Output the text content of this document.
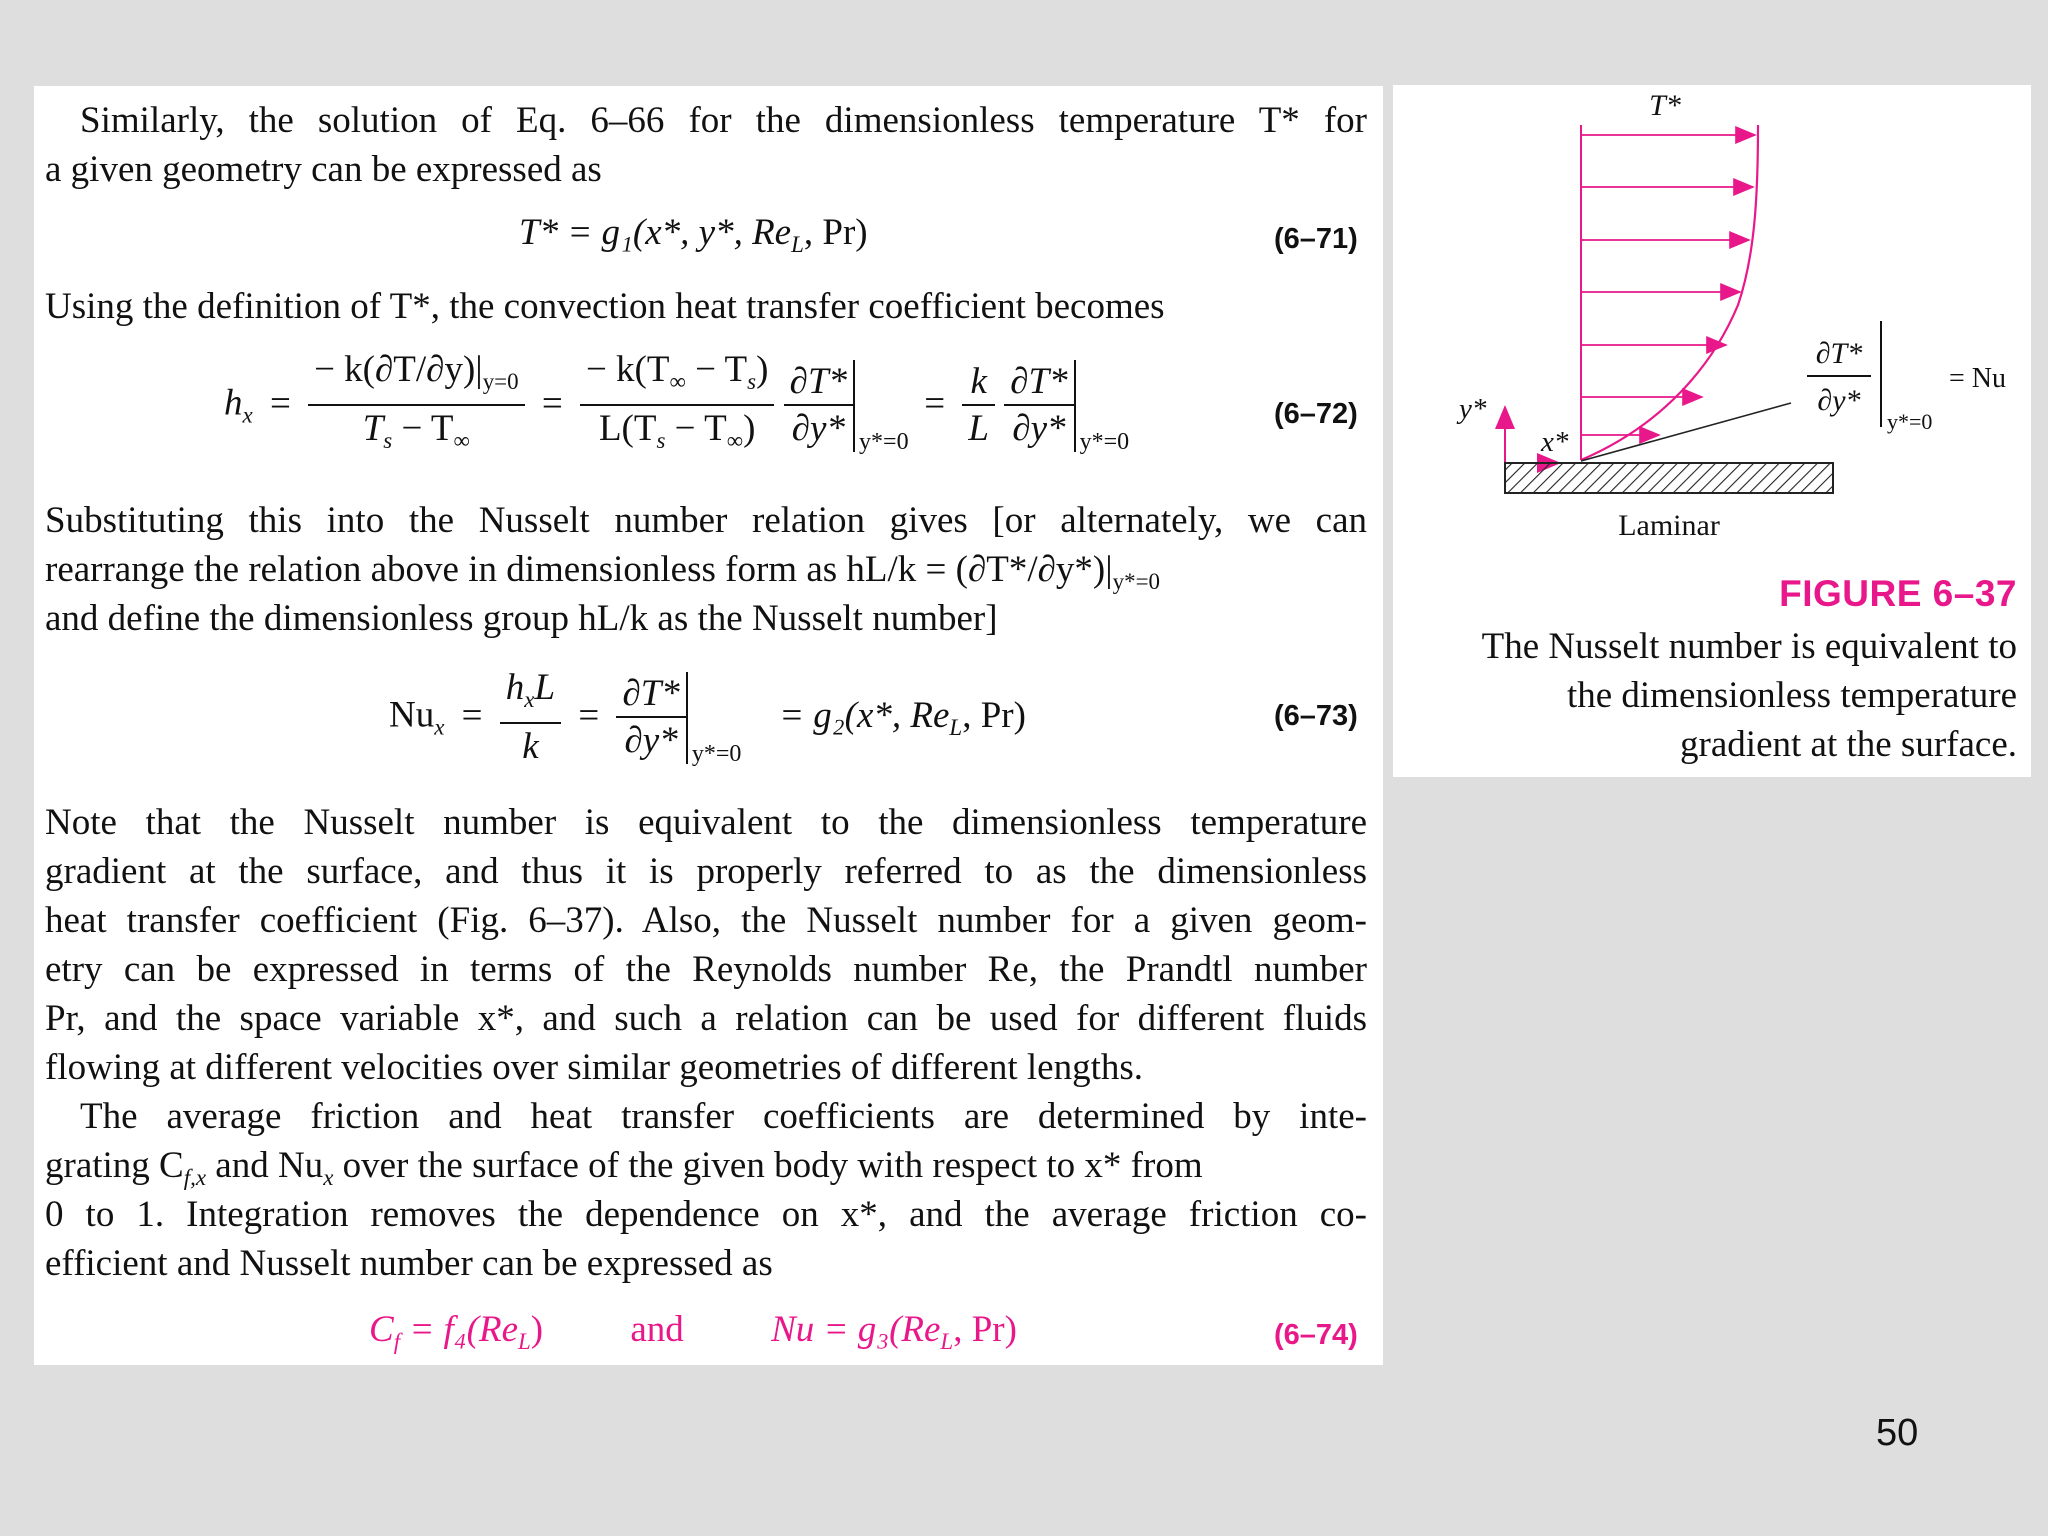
Similarly, the solution of Eq. 6–66 for the dimensionless temperature T* for
a given geometry can be expressed as
T* = g₁(x*, y*, $Re_L$, Pr)	(6–71)
Using the definition of T*, the convection heat transfer coefficient becomes
$h_x = \frac{- k(\partial T/\partial y)|_{y=0}}{T_s - T_\infty} = \frac{- k(T_\infty - T_s)}{L(T_s - T_\infty)}$
$\frac{\partial T*}{\partial y*} y*=0$
= $\frac{k}{L}$
$\frac{\partial T*}{\partial y*} y*=0$
(6–72)
Substituting this into the Nusselt number relation gives [or alternately, we can
rearrange the relation above in dimensionless form as $hL/k = (\partial T*/\partial y*)|_{y*=0}$
and define the dimensionless group hL/k as the Nusselt number]
$Nu_x = \frac{h_xL}{k} = \frac{\partial T*}{\partial y*} y*=0$
= g₂(x*, $Re_L$, Pr)	(6–73)
Note that the Nusselt number is equivalent to the dimensionless temperature
gradient at the surface, and thus it is properly referred to as the dimensionless
heat transfer coefficient (Fig. 6–37). Also, the Nusselt number for a given geom-
etry can be expressed in terms of the Reynolds number Re, the Prandtl number
Pr, and the space variable x*, and such a relation can be used for different fluids
flowing at different velocities over similar geometries of different lengths.
The average friction and heat transfer coefficients are determined by inte-
grating $C_{f,x}$ and $Nu_x$ over the surface of the given body with respect to x* from
0 to 1. Integration removes the dependence on x*, and the average friction co-
efficient and Nusselt number can be expressed as
$C_f = f_4(Re_L)$ and $Nu = g_3(Re_L$, Pr)	(6–74)
T*
y*
x*
Laminar
∂T*
∂y*
y*=0
= Nu
FIGURE 6–37
The Nusselt number is equivalent to
the dimensionless temperature
gradient at the surface.
50
